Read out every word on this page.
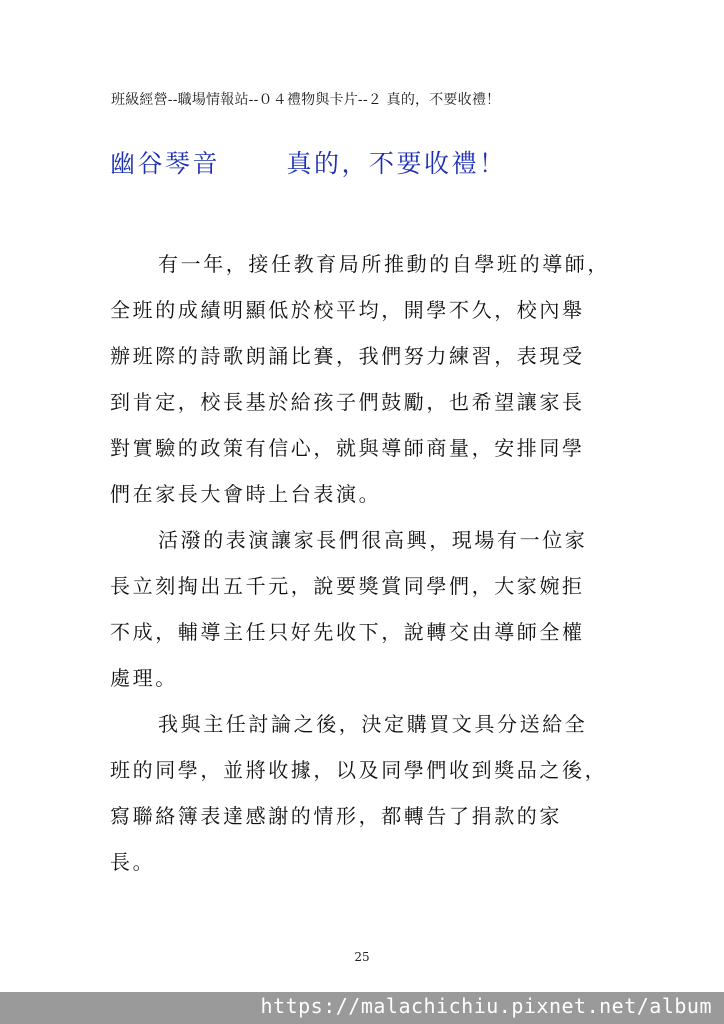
班級經營--職場情報站--０４禮物與卡片--２ 真的，不要收禮！
幽谷琴音	真的，不要收禮！
有一年，接任教育局所推動的自學班的導師，
全班的成績明顯低於校平均，開學不久，校內舉
辦班際的詩歌朗誦比賽，我們努力練習，表現受
到肯定，校長基於給孩子們鼓勵，也希望讓家長
對實驗的政策有信心，就與導師商量，安排同學
們在家長大會時上台表演。
活潑的表演讓家長們很高興，現場有一位家
長立刻掏出五千元，說要獎賞同學們，大家婉拒
不成，輔導主任只好先收下，說轉交由導師全權
處理。
我與主任討論之後，決定購買文具分送給全
班的同學，並將收據，以及同學們收到獎品之後，
寫聯絡簿表達感謝的情形，都轉告了捐款的家
長。
25
https://malachichiu.pixnet.net/album
